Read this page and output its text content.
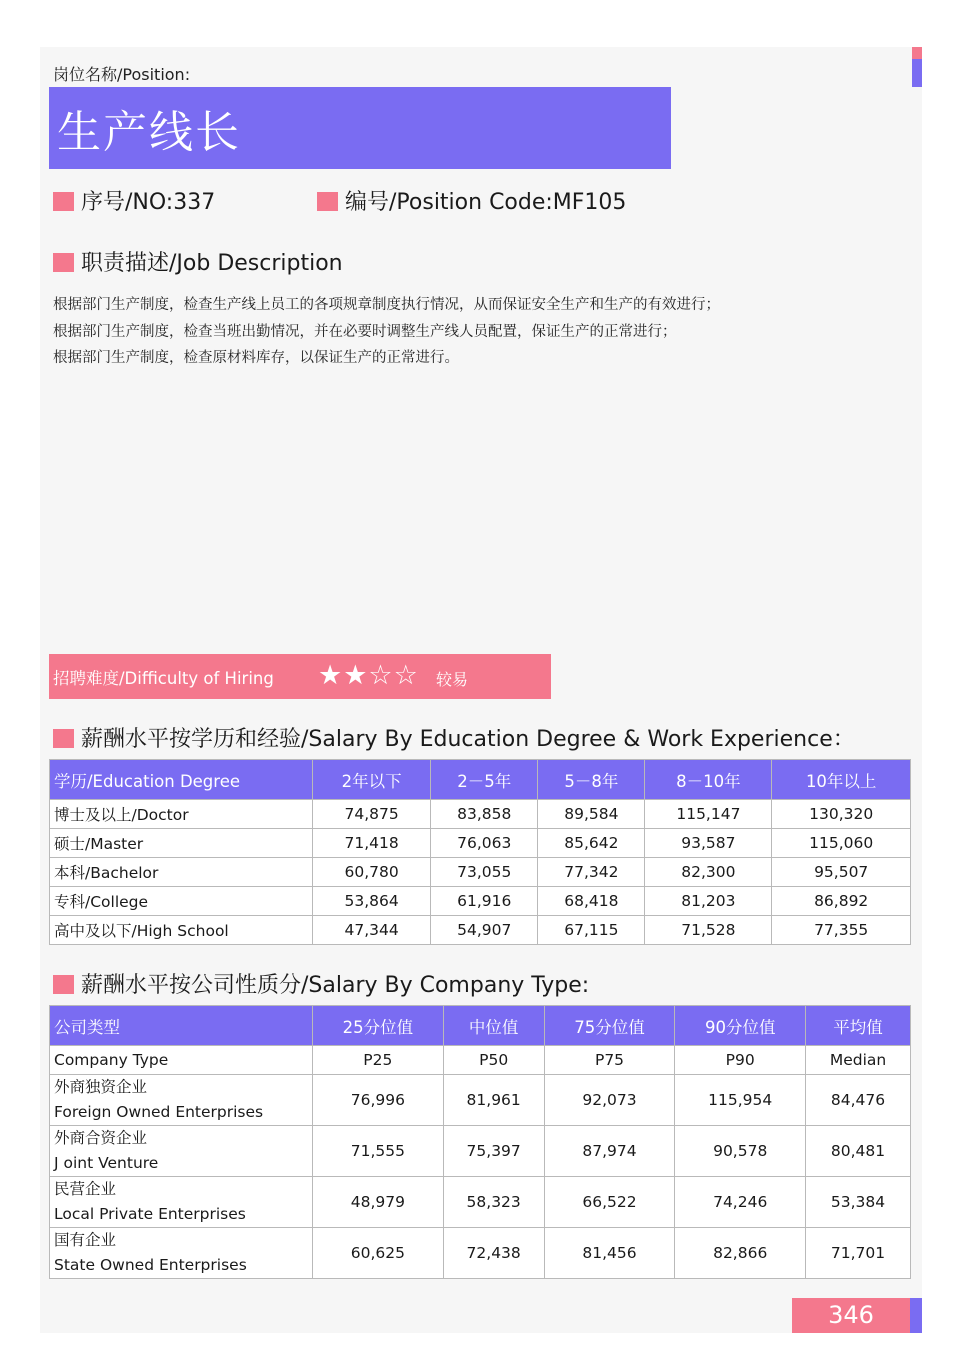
岗位名称/Position:
生产线长
序号/NO:337	编号/Position Code:MF105
职责描述/Job Description
根据部门生产制度，检查生产线上员工的各项规章制度执行情况，从而保证安全生产和生产的有效进行；
根据部门生产制度，检查当班出勤情况，并在必要时调整生产线人员配置，保证生产的正常进行；
根据部门生产制度，检查原材料库存，以保证生产的正常进行。
招聘难度/Difficulty of Hiring ★★☆☆ 较易
薪酬水平按学历和经验/Salary By Education Degree & Work Experience：
学历/Education Degree	2年以下	2－5年	5－8年	8－10年	10年以上
博士及以上/Doctor	74,875	83,858	89,584	115,147	130,320
硕士/Master	71,418	76,063	85,642	93,587	115,060
本科/Bachelor	60,780	73,055	77,342	82,300	95,507
专科/College	53,864	61,916	68,418	81,203	86,892
高中及以下/High School	47,344	54,907	67,115	71,528	77,355
薪酬水平按公司性质分/Salary By Company Type:
公司类型	25分位值	中位值	75分位值	90分位值	平均值
Company Type	P25	P50	P75	P90	Median

外商独资企业
Foreign Owned Enterprises	76,996	81,961	92,073	115,954	84,476

外商合资企业
J oint Venture	71,555	75,397	87,974	90,578	80,481

民营企业
Local Private Enterprises	48,979	58,323	66,522	74,246	53,384

国有企业
State Owned Enterprises	60,625	72,438	81,456	82,866	71,701
346
